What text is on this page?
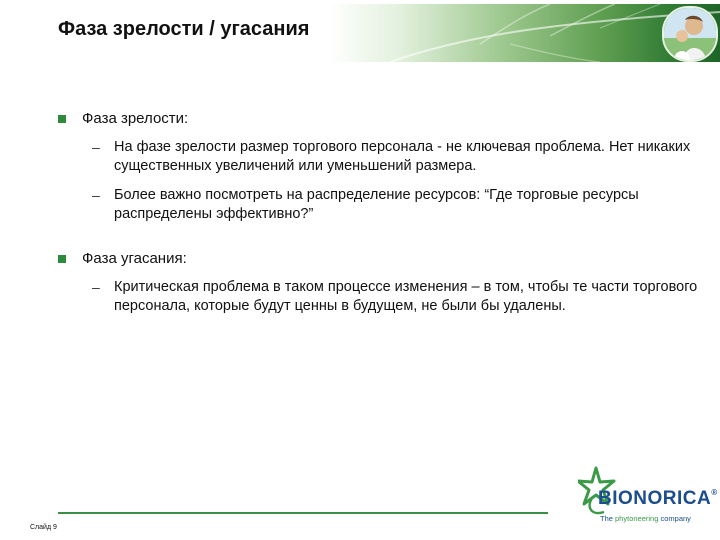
Фаза зрелости / угасания
Фаза зрелости:
– На фазе зрелости размер торгового персонала - не ключевая проблема. Нет никаких существенных увеличений или уменьшений размера.
– Более важно посмотреть на распределение ресурсов: “Где торговые ресурсы распределены эффективно?”
Фаза угасания:
– Критическая проблема в таком процессе изменения – в том, чтобы те части торгового персонала, которые будут ценны в будущем, не были бы удалены.
Слайд 9
BIONORICA®
The phytoneering company
